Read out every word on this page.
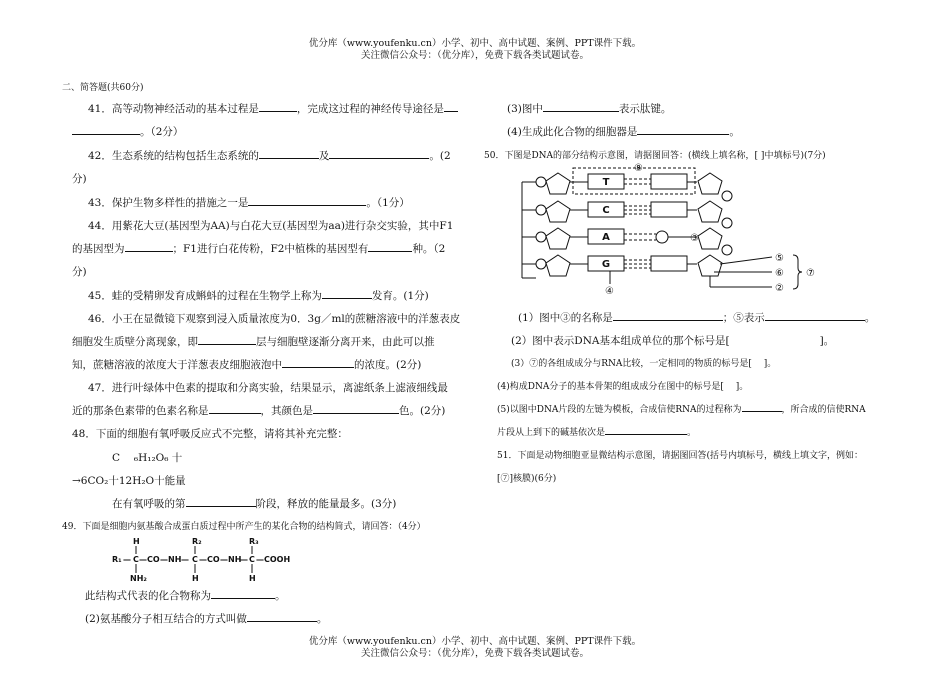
优分库（www.youfenku.cn）小学、初中、高中试题、案例、PPT课件下载。
关注微信公众号：（优分库），免费下载各类试题试卷。
二、简答题(共60分)
41．高等动物神经活动的基本过程是	，完成这过程的神经传导途径是
。（2分）
42．生态系统的结构包括生态系统的	及	。(2
分)
43．保护生物多样性的措施之一是	。（1分）
44．用紫花大豆(基因型为AA)与白花大豆(基因型为aa)进行杂交实验，其中F1
的基因型为	；F1进行白花传粉，F2中植株的基因型有	种。（2
分)
45．蛙的受精卵发育成蝌蚪的过程在生物学上称为	发育。(1分)
46．小王在显微镜下观察到浸入质量浓度为0．3g／ml的蔗糖溶液中的洋葱表皮
细胞发生质壁分离现象，即	层与细胞壁逐渐分离开来，由此可以推
知，蔗糖溶液的浓度大于洋葱表皮细胞液泡中	的浓度。(2分)
47．进行叶绿体中色素的提取和分离实验，结果显示，离滤纸条上滤液细线最
近的那条色素带的色素名称是	，其颜色是	色。(2分)
48．下面的细胞有氧呼吸反应式不完整，请将其补充完整：
C　 ₆H₁₂O₆ 十
→6CO₂十12H₂O十能量
在有氧呼吸的第	阶段，释放的能量最多。(3分)
49．下面是细胞内氨基酸合成蛋白质过程中所产生的某化合物的结构简式，请回答：（4分）
H	R₂	R₃
R₁ — C — CO — NH — C — CO — NH
— C — COOH
NH₂	H	H
此结构式代表的化合物称为	。
(2)氨基酸分子相互结合的方式叫做	。
(3)图中	表示肽键。
(4)生成此化合物的细胞器是	。
50．下图是DNA的部分结构示意图，请据图回答：(横线上填名称，[ ]中填标号)(7分)
T
C
A
G
⑧
③
④
⑤
⑥
②
⑦
(1）图中③的名称是	；⑤表示	。
(2）图中表示DNA基本组成单位的那个标号是[	]。
(3）⑦的各组成成分与RNA比较，一定相同的物质的标号是[　 ]。
(4)构成DNA分子的基本骨架的组成成分在图中的标号是[　 ]。
(5)以图中DNA片段的左链为模板，合成信使RNA的过程称为	，所合成的信使RNA
片段从上到下的碱基依次是	。
51．下面是动物细胞亚显微结构示意图，请据图回答(括号内填标号，横线上填文字，例如：
[⑦]核膜)(6分)
优分库（www.youfenku.cn）小学、初中、高中试题、案例、PPT课件下载。
关注微信公众号：（优分库），免费下载各类试题试卷。
